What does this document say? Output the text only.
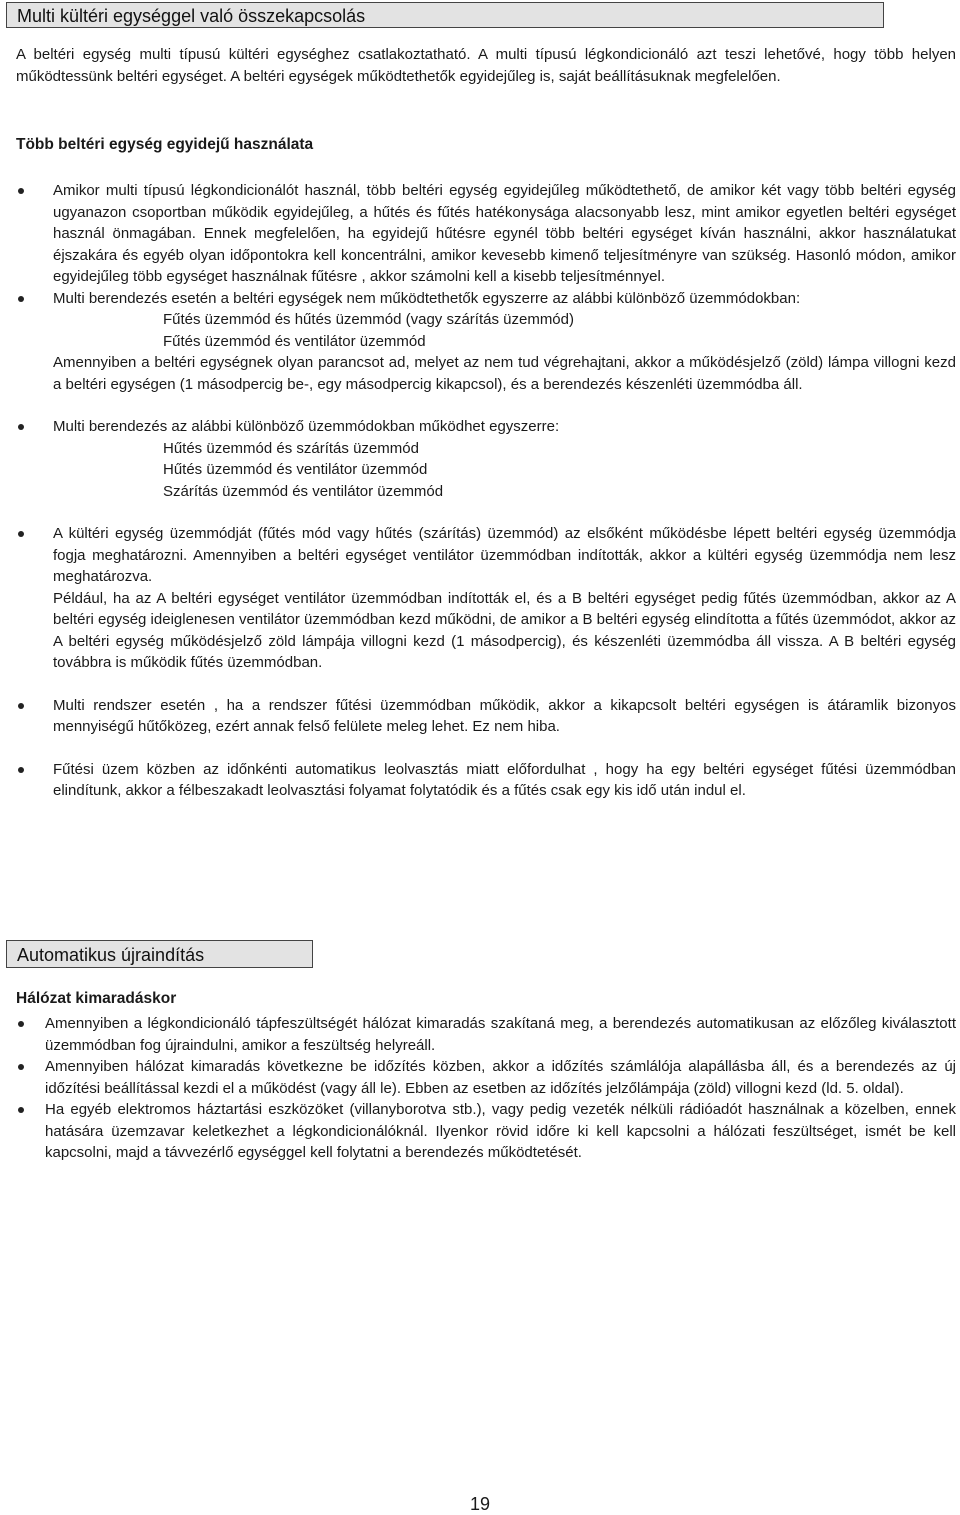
Multi kültéri egységgel való összekapcsolás
A beltéri egység multi típusú kültéri egységhez csatlakoztatható. A multi típusú légkondicionáló azt teszi lehetővé, hogy több helyen működtessünk beltéri egységet. A beltéri egységek működtethetők egyidejűleg is, saját beállításuknak megfelelően.
Több beltéri egység egyidejű használata
Amikor multi típusú légkondicionálót használ, több beltéri egység egyidejűleg működtethető, de amikor két vagy több beltéri egység ugyanazon csoportban működik egyidejűleg, a hűtés és fűtés hatékonysága alacsonyabb lesz, mint amikor egyetlen beltéri egységet használ önmagában. Ennek megfelelően, ha egyidejű hűtésre egynél több beltéri egységet kíván használni, akkor használatukat éjszakára és egyéb olyan időpontokra kell koncentrálni, amikor kevesebb kimenő teljesítményre van szükség. Hasonló módon, amikor egyidejűleg több egységet használnak fűtésre , akkor számolni kell a kisebb teljesítménnyel.
Multi berendezés esetén a beltéri egységek nem működtethetők egyszerre az alábbi különböző üzemmódokban:
Fűtés üzemmód és hűtés üzemmód (vagy szárítás üzemmód)
Fűtés üzemmód és ventilátor üzemmód
Amennyiben a beltéri egységnek olyan parancsot ad, melyet az nem tud végrehajtani, akkor a működésjelző (zöld) lámpa villogni kezd a beltéri egységen (1 másodpercig be-, egy másodpercig kikapcsol), és a berendezés készenléti üzemmódba áll.
Multi berendezés az alábbi különböző üzemmódokban működhet egyszerre:
Hűtés üzemmód és szárítás üzemmód
Hűtés üzemmód és ventilátor üzemmód
Szárítás üzemmód és ventilátor üzemmód
A kültéri egység üzemmódját (fűtés mód vagy hűtés (szárítás) üzemmód) az elsőként működésbe lépett beltéri egység üzemmódja fogja meghatározni. Amennyiben a beltéri egységet ventilátor üzemmódban indították, akkor a kültéri egység üzemmódja nem lesz meghatározva.
Például, ha az A beltéri egységet ventilátor üzemmódban indították el, és a B beltéri egységet pedig fűtés üzemmódban, akkor az A beltéri egység ideiglenesen ventilátor üzemmódban kezd működni, de amikor a B beltéri egység elindította a fűtés üzemmódot, akkor az A beltéri egység működésjelző zöld lámpája villogni kezd (1 másodpercig), és készenléti üzemmódba áll vissza. A B beltéri egység továbbra is működik fűtés üzemmódban.
Multi rendszer esetén , ha a rendszer fűtési üzemmódban működik, akkor a kikapcsolt beltéri egységen is átáramlik bizonyos mennyiségű hűtőközeg, ezért annak felső felülete meleg lehet. Ez nem hiba.
Fűtési üzem közben az időnkénti automatikus leolvasztás miatt előfordulhat , hogy ha egy beltéri egységet fűtési üzemmódban elindítunk, akkor a félbeszakadt leolvasztási folyamat folytatódik és a fűtés csak egy kis idő után indul el.
Automatikus újraindítás
Hálózat kimaradáskor
Amennyiben a légkondicionáló tápfeszültségét hálózat kimaradás szakítaná meg, a berendezés automatikusan az előzőleg kiválasztott üzemmódban fog újraindulni, amikor a feszültség helyreáll.
Amennyiben hálózat kimaradás következne be időzítés közben, akkor a időzítés számlálója alapállásba áll, és a berendezés az új időzítési beállítással kezdi el a működést (vagy áll le). Ebben az esetben az időzítés jelzőlámpája (zöld) villogni kezd (ld. 5. oldal).
Ha egyéb elektromos háztartási eszközöket (villanyborotva stb.), vagy pedig vezeték nélküli rádióadót használnak a közelben, ennek hatására üzemzavar keletkezhet a légkondicionálóknál. Ilyenkor rövid időre ki kell kapcsolni a hálózati feszültséget, ismét be kell kapcsolni, majd a távvezérlő egységgel kell folytatni a berendezés működtetését.
19
